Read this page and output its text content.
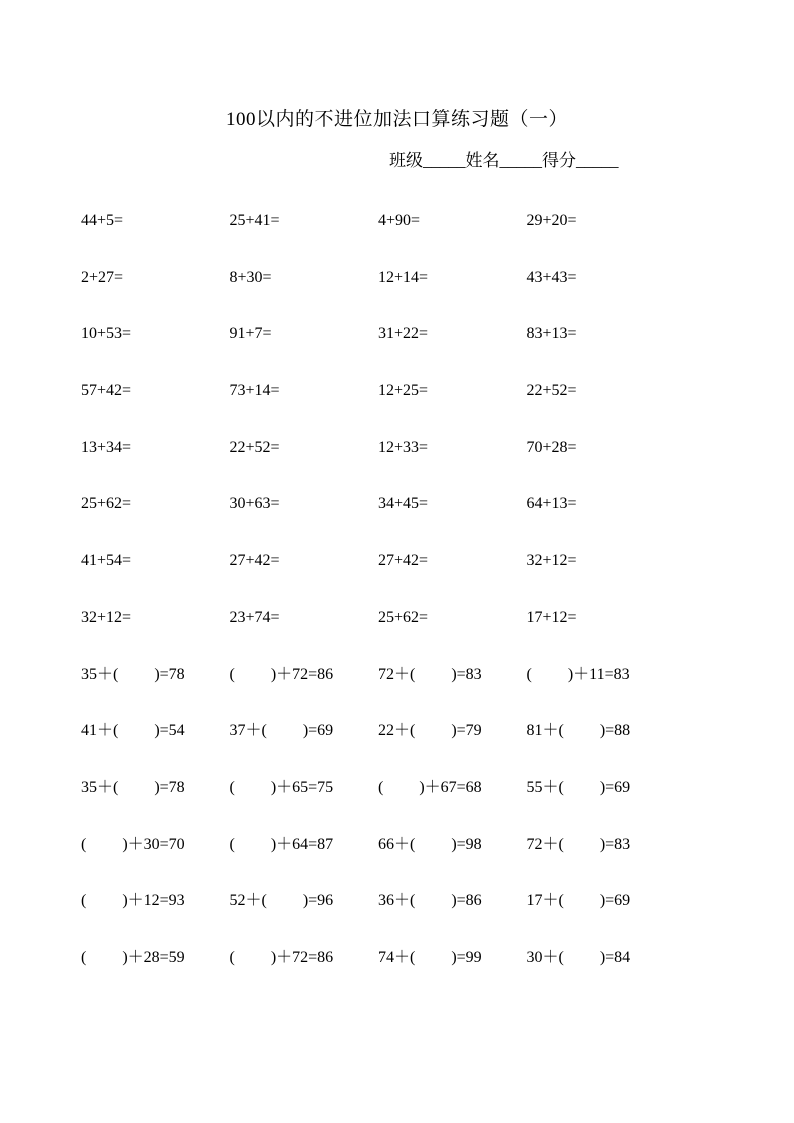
100以内的不进位加法口算练习题（一）
班级_____姓名_____得分_____
44+5=	25+41=	4+90=	29+20=
2+27=	8+30=	12+14=	43+43=
10+53=	91+7=	31+22=	83+13=
57+42=	73+14=	12+25=	22+52=
13+34=	22+52=	12+33=	70+28=
25+62=	30+63=	34+45=	64+13=
41+54=	27+42=	27+42=	32+12=
32+12=	23+74=	25+62=	17+12=
35＋(         )=78	(         )＋72=86	72＋(         )=83	(         )＋11=83
41＋(         )=54	37＋(         )=69	22＋(         )=79	81＋(         )=88
35＋(         )=78	(         )＋65=75	(         )＋67=68	55＋(         )=69
(         )＋30=70	(         )＋64=87	66＋(         )=98	72＋(         )=83
(         )＋12=93	52＋(         )=96	36＋(         )=86	17＋(         )=69
(         )＋28=59	(         )＋72=86	74＋(         )=99	30＋(         )=84
